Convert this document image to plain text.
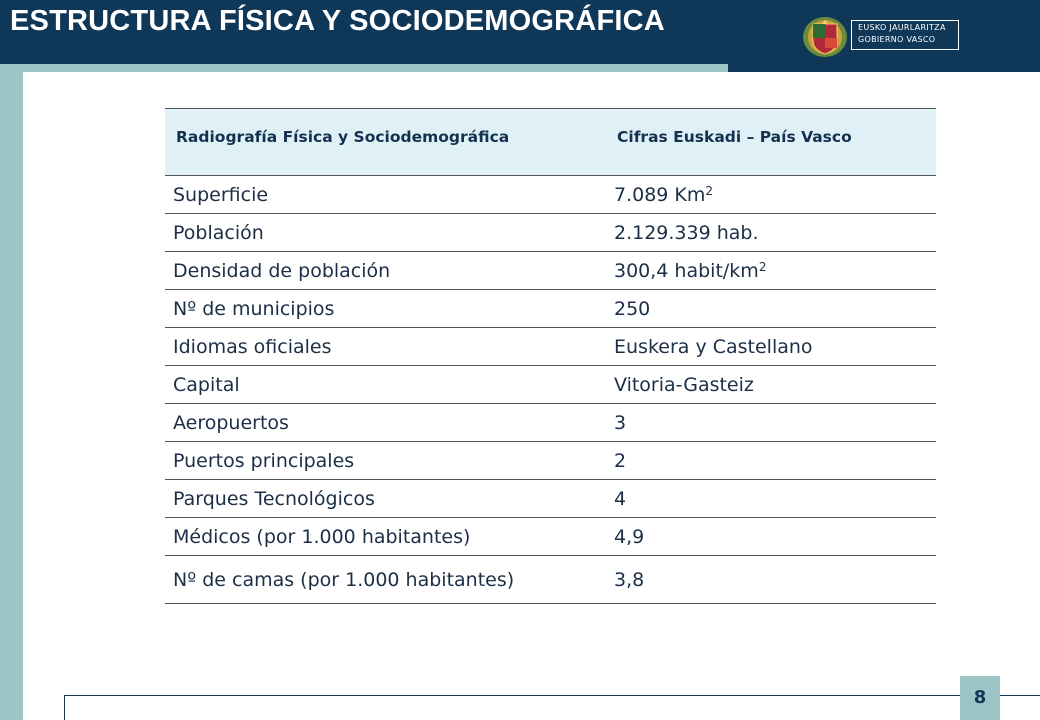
ESTRUCTURA FÍSICA Y SOCIODEMOGRÁFICA	EUSKO JAURLARITZA
GOBIERNO VASCO
Radiografía Física y Sociodemográfica	Cifras Euskadi – País Vasco
Superficie	7.089 Km$^2$
Población	2.129.339 hab.
Densidad de población	300,4 habit/$km^2$
Nº de municipios	250
Idiomas oficiales	Euskera y Castellano
Capital	Vitoria-Gasteiz
Aeropuertos	3
Puertos principales	2
Parques Tecnológicos	4
Médicos (por 1.000 habitantes)	4,9
Nº de camas (por 1.000 habitantes)	3,8
8
